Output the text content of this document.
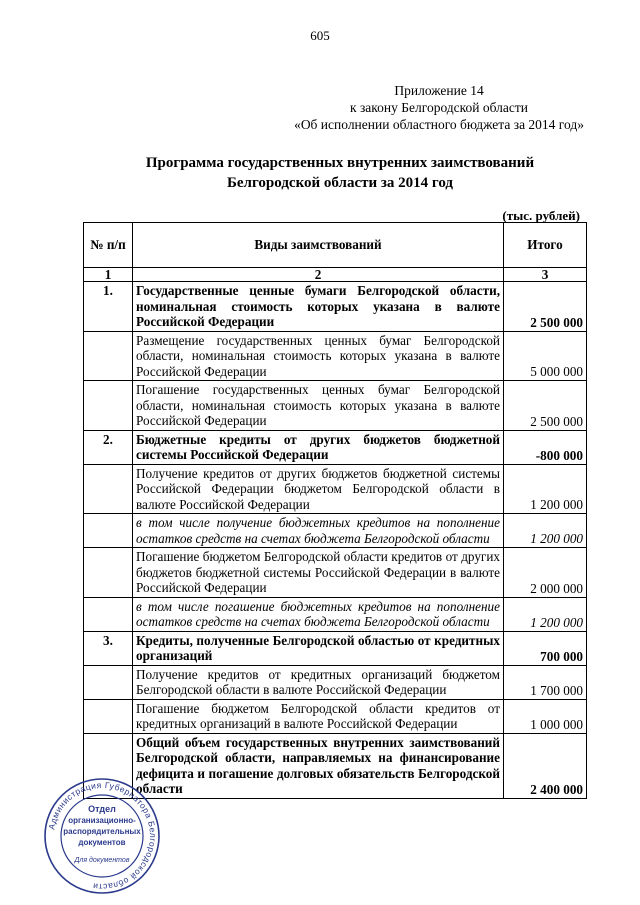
605
Приложение 14
к закону Белгородской области
«Об исполнении областного бюджета за 2014 год»
Программа государственных внутренних заимствований
Белгородской области за 2014 год
(тыс. рублей)
№ п/п	Виды заимствований	Итого
1	2	3
1.	Государственные ценные бумаги Белгородской области, номинальная стоимость которых указана в валюте Российской Федерации	2 500 000
	Размещение государственных ценных бумаг Белгородской области, номинальная стоимость которых указана в валюте Российской Федерации	5 000 000
	Погашение государственных ценных бумаг Белгородской области, номинальная стоимость которых указана в валюте Российской Федерации	2 500 000
2.	Бюджетные кредиты от других бюджетов бюджетной системы Российской Федерации	-800 000
	Получение кредитов от других бюджетов бюджетной системы Российской Федерации бюджетом Белгородской области в валюте Российской Федерации	1 200 000
	в том числе получение бюджетных кредитов на пополнение остатков средств на счетах бюджета Белгородской области	1 200 000
	Погашение бюджетом Белгородской области кредитов от других бюджетов бюджетной системы Российской Федерации в валюте Российской Федерации	2 000 000
	в том числе погашение бюджетных кредитов на пополнение остатков средств на счетах бюджета Белгородской области	1 200 000
3.	Кредиты, полученные Белгородской областью от кредитных организаций	700 000
	Получение кредитов от кредитных организаций бюджетом Белгородской области в валюте Российской Федерации	1 700 000
	Погашение бюджетом Белгородской области кредитов от кредитных организаций в валюте Российской Федерации	1 000 000
	Общий объем государственных внутренних заимствований Белгородской области, направляемых на финансирование дефицита и погашение долговых обязательств Белгородской области	2 400 000
Администрация Губернатора Белгородской области
Отдел
организационно-
распорядительных
документов
Для документов
